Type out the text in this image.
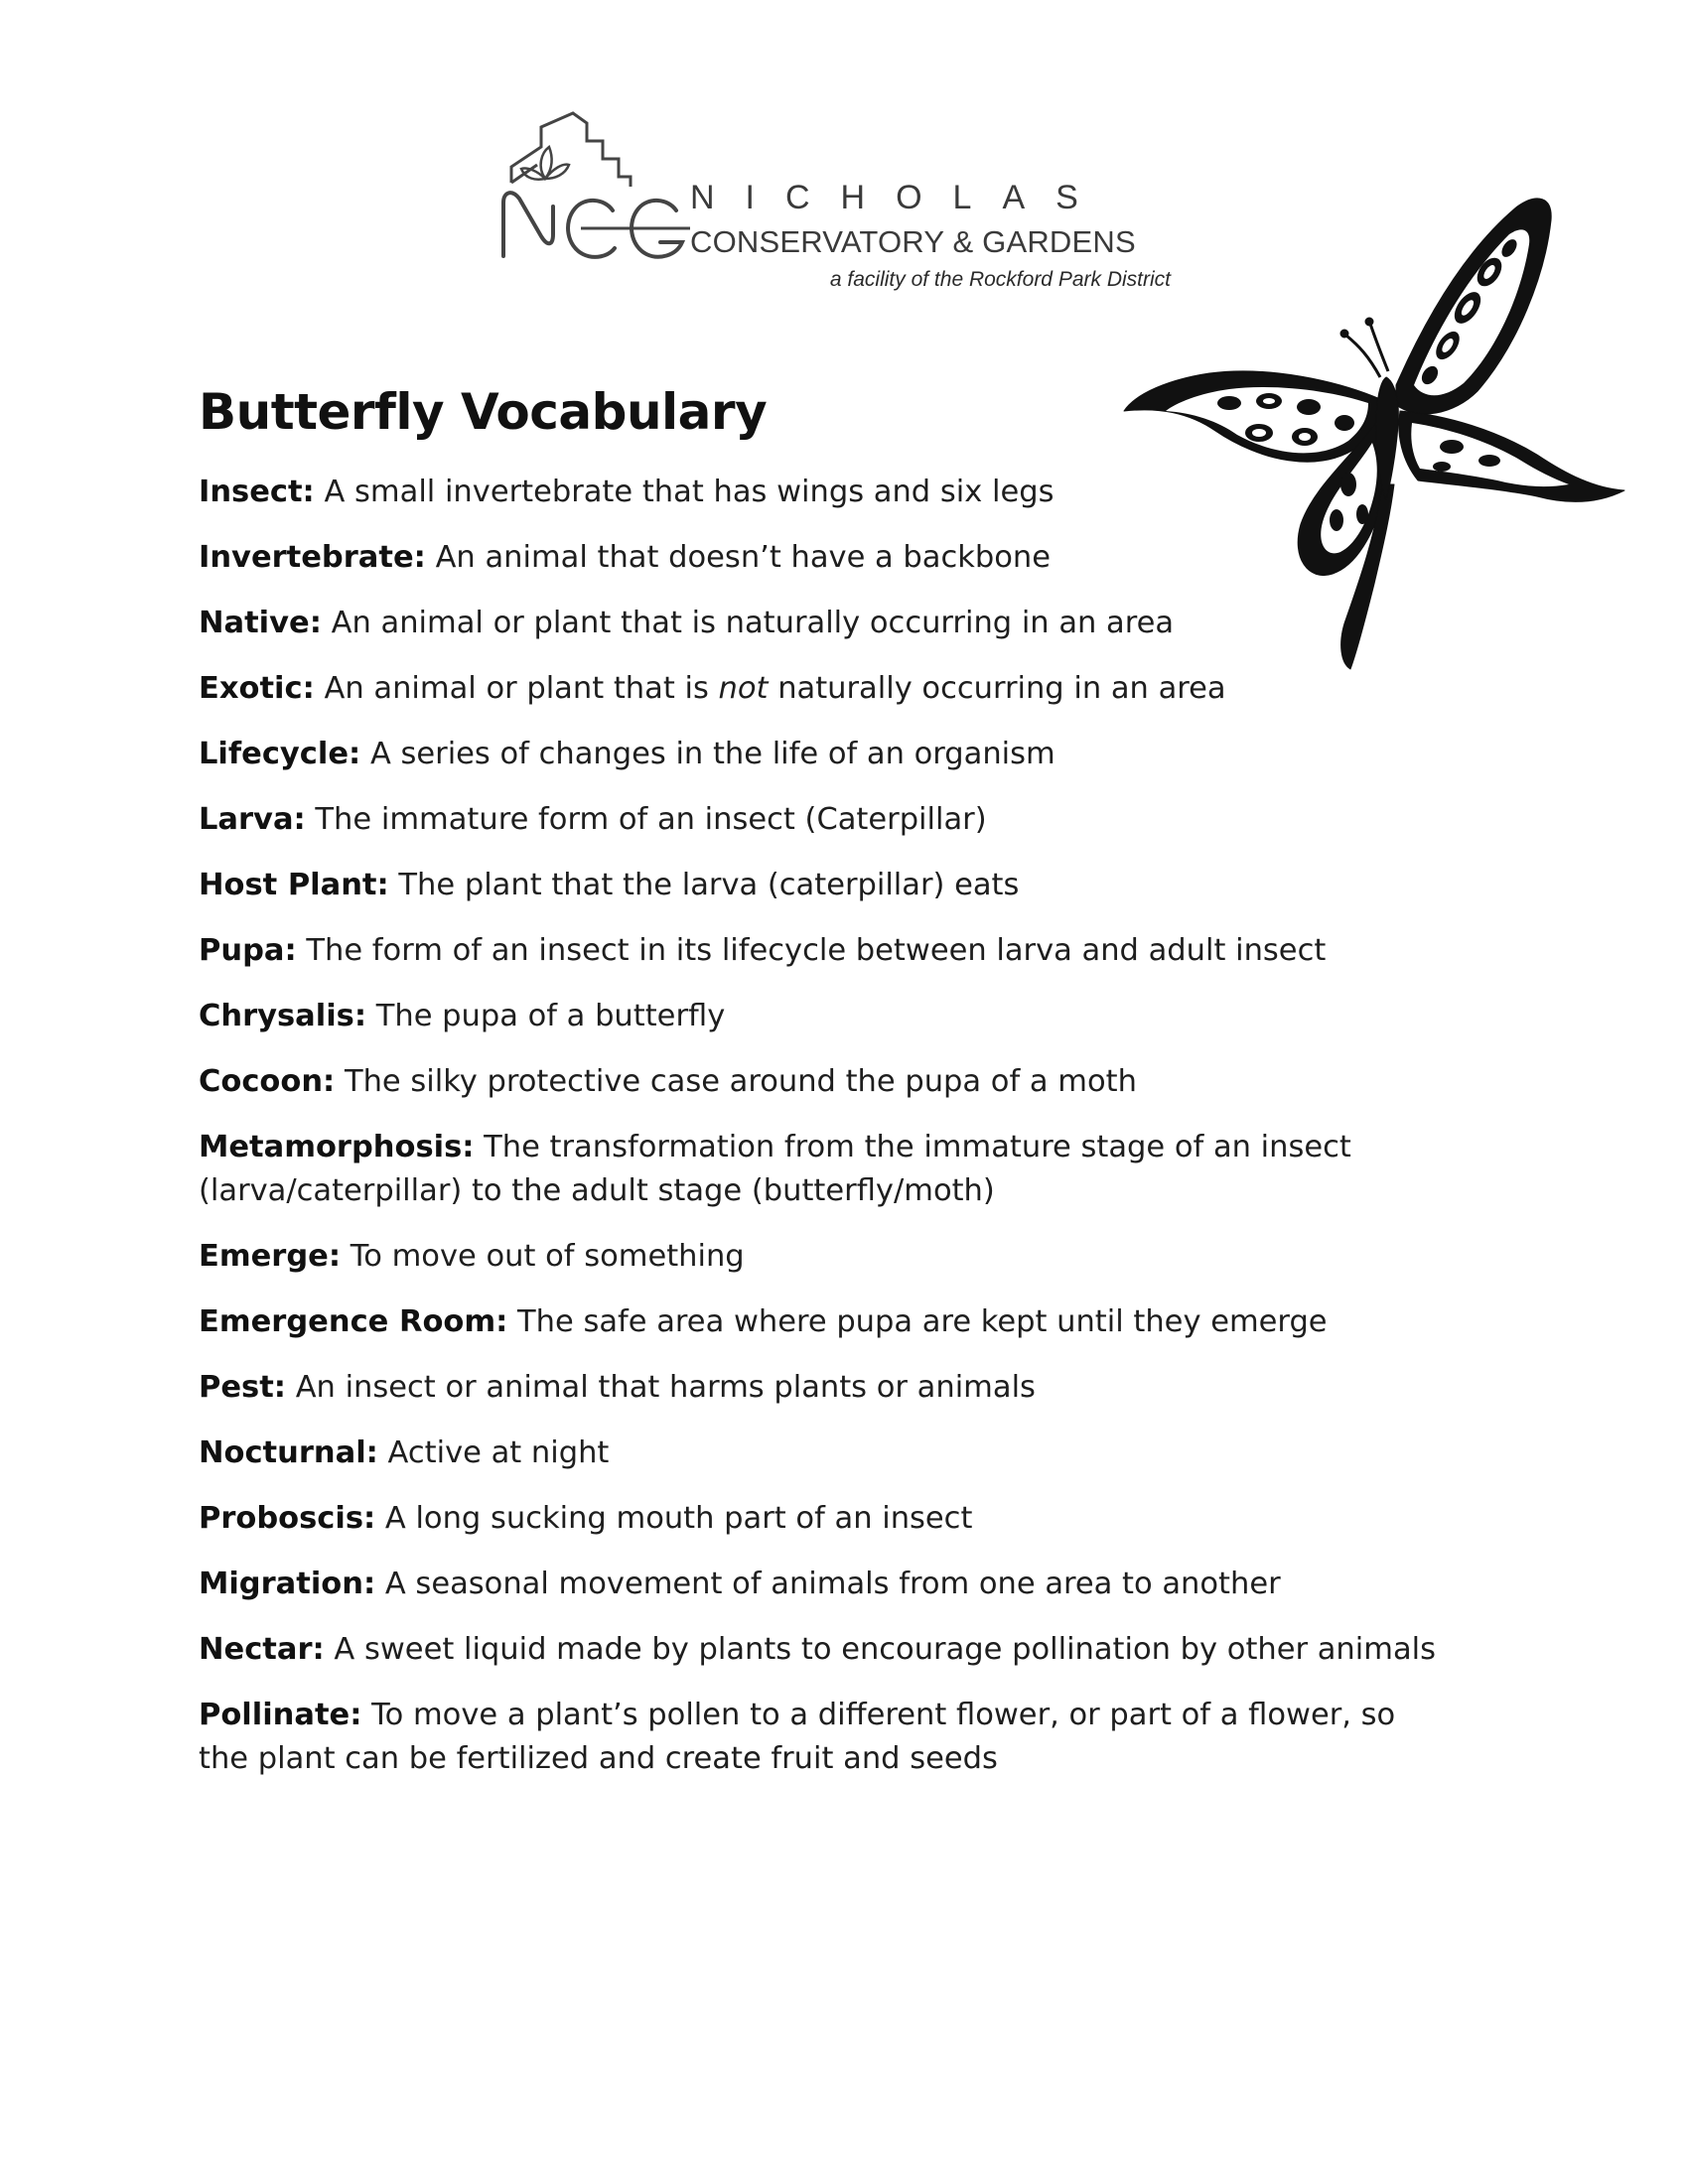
NICHOLAS
CONSERVATORY & GARDENS
a facility of the Rockford Park District
Butterfly Vocabulary
Insect: A small invertebrate that has wings and six legs
Invertebrate: An animal that doesn’t have a backbone
Native: An animal or plant that is naturally occurring in an area
Exotic: An animal or plant that is not naturally occurring in an area
Lifecycle: A series of changes in the life of an organism
Larva: The immature form of an insect (Caterpillar)
Host Plant: The plant that the larva (caterpillar) eats
Pupa: The form of an insect in its lifecycle between larva and adult insect
Chrysalis: The pupa of a butterfly
Cocoon: The silky protective case around the pupa of a moth
Metamorphosis: The transformation from the immature stage of an insect (larva/caterpillar) to the adult stage (butterfly/moth)
Emerge: To move out of something
Emergence Room: The safe area where pupa are kept until they emerge
Pest: An insect or animal that harms plants or animals
Nocturnal: Active at night
Proboscis: A long sucking mouth part of an insect
Migration: A seasonal movement of animals from one area to another
Nectar: A sweet liquid made by plants to encourage pollination by other animals
Pollinate: To move a plant’s pollen to a different flower, or part of a flower, so the plant can be fertilized and create fruit and seeds
